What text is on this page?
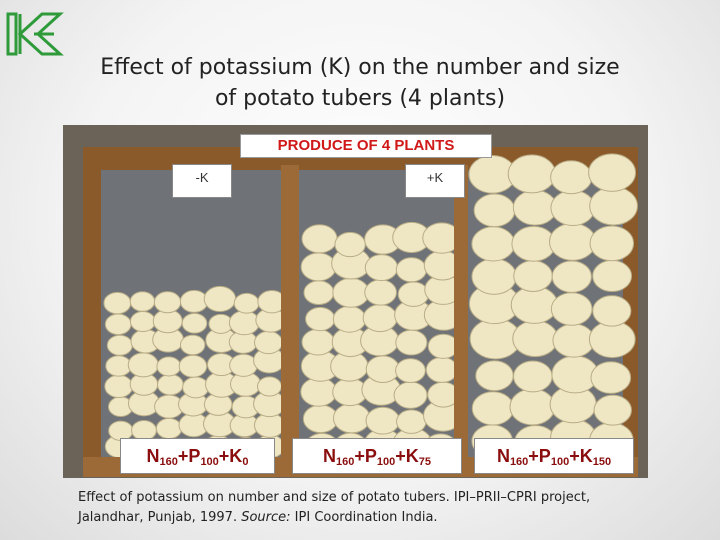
Effect of potassium (K) on the number and size
of potato tubers (4 plants)
PRODUCE OF 4 PLANTS
-K	+K
$N_{160}+P_{100}+K_0$	$N_{160}+P_{100}+K_{75}$	$N_{160}+P_{100}+K_{150}$
Effect of potassium on number and size of potato tubers. IPI–PRII–CPRI project,
Jalandhar, Punjab, 1997. Source: IPI Coordination India.
